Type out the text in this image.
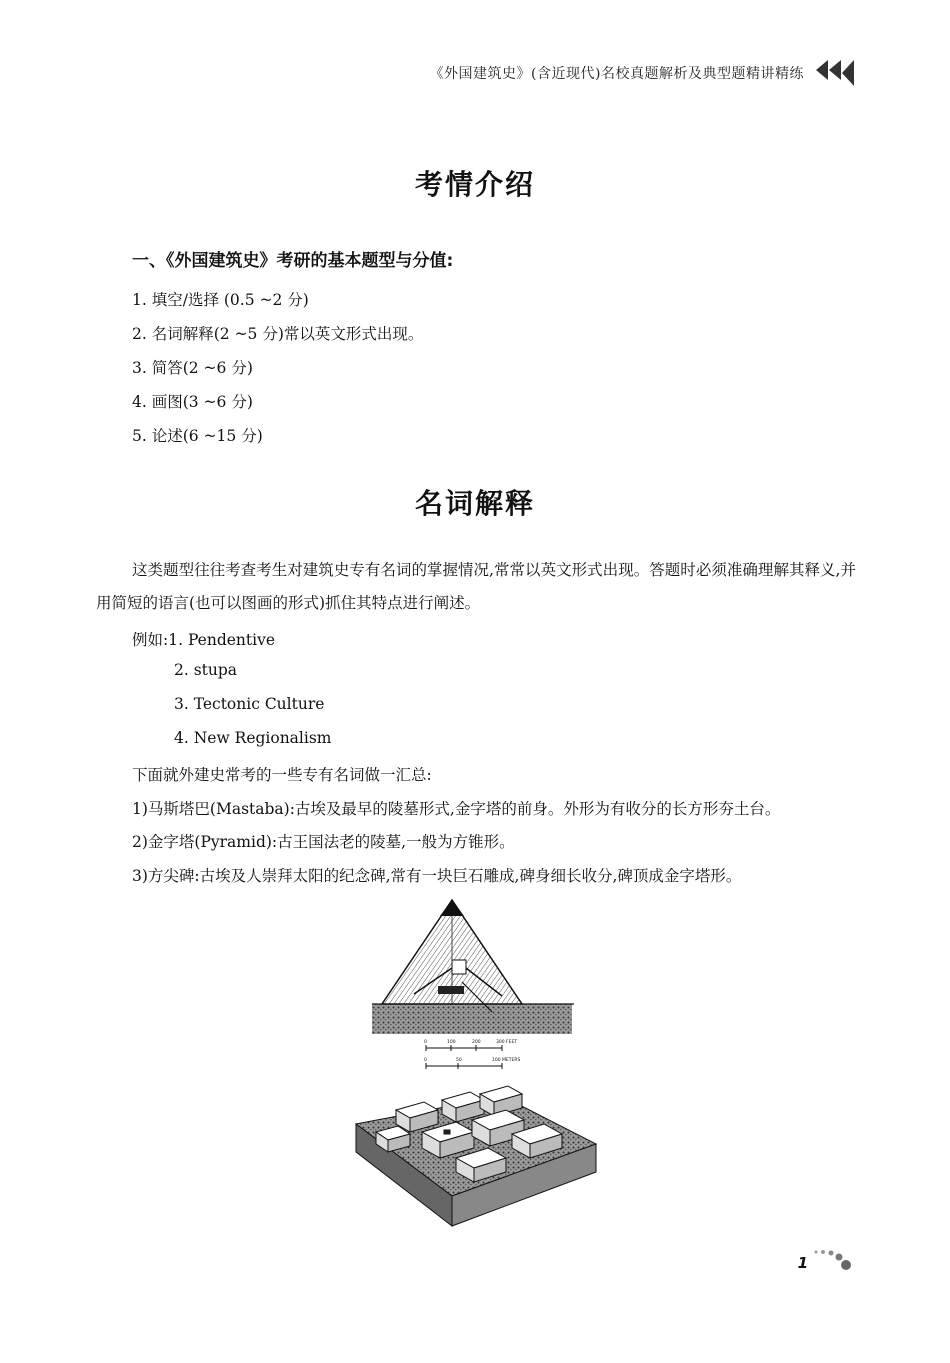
《外国建筑史》(含近现代)名校真题解析及典型题精讲精练
考情介绍
一、《外国建筑史》考研的基本题型与分值:
1. 填空/选择 (0.5 ~2 分)
2. 名词解释(2 ~5 分)常以英文形式出现。
3. 简答(2 ~6 分)
4. 画图(3 ~6 分)
5. 论述(6 ~15 分)
名词解释
这类题型往往考查考生对建筑史专有名词的掌握情况,常常以英文形式出现。答题时必须准确理解其释义,并用简短的语言(也可以图画的形式)抓住其特点进行阐述。
例如:1. Pendentive
2. stupa
3. Tectonic Culture
4. New Regionalism
下面就外建史常考的一些专有名词做一汇总:
1)马斯塔巴(Mastaba):古埃及最早的陵墓形式,金字塔的前身。外形为有收分的长方形夯土台。
2)金字塔(Pyramid):古王国法老的陵墓,一般为方锥形。
3)方尖碑:古埃及人崇拜太阳的纪念碑,常有一块巨石雕成,碑身细长收分,碑顶成金字塔形。
0	100	200	300 FEET
0	50	100 METERS
1
